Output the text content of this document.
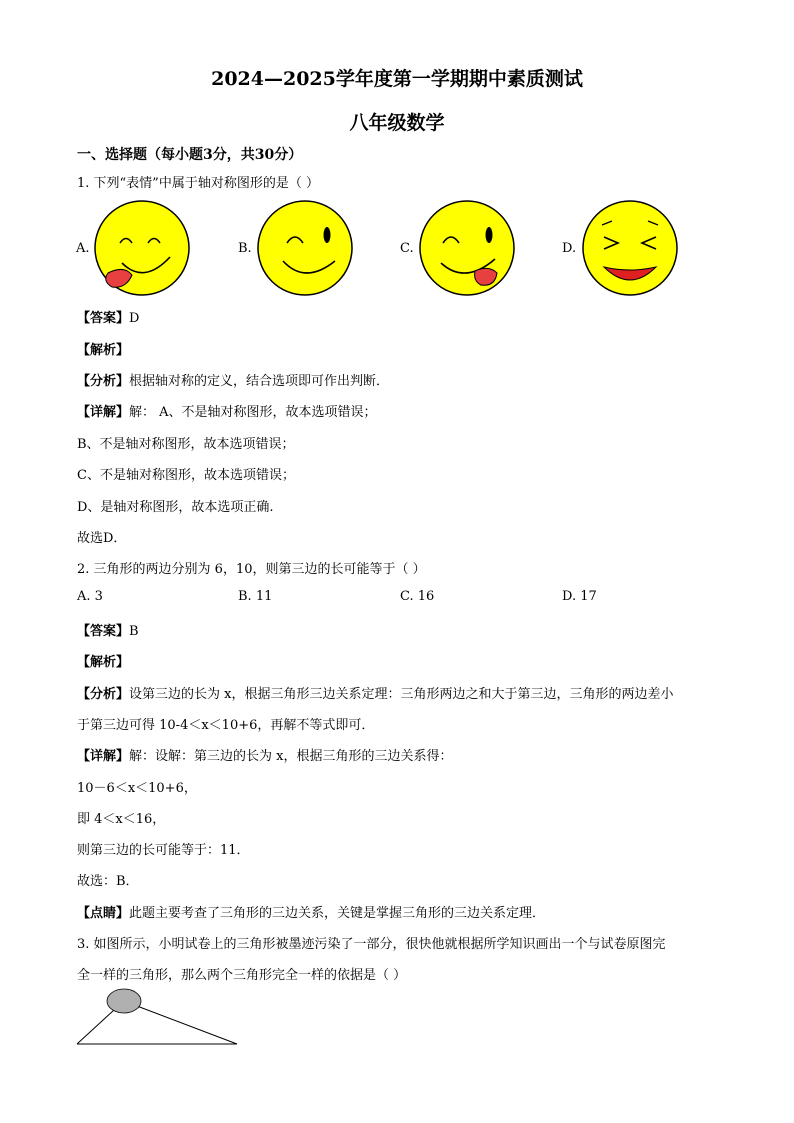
2024—2025学年度第一学期期中素质测试
八年级数学
一、选择题（每小题3分，共30分）
1. 下列“表情”中属于轴对称图形的是（ ）
A.	B.	C.	D.
【答案】D
【解析】
【分析】根据轴对称的定义，结合选项即可作出判断．
【详解】解： A、不是轴对称图形，故本选项错误；
B、不是轴对称图形，故本选项错误；
C、不是轴对称图形，故本选项错误；
D、是轴对称图形，故本选项正确.
故选D．
2. 三角形的两边分别为 6，10，则第三边的长可能等于（ ）
A. 3	B. 11	C. 16	D. 17
【答案】B
【解析】
【分析】设第三边的长为 x，根据三角形三边关系定理：三角形两边之和大于第三边，三角形的两边差小
于第三边可得 10-4＜x＜10+6，再解不等式即可．
【详解】解：设解：第三边的长为 x，根据三角形的三边关系得：
10－6＜x＜10+6，
即 4＜x＜16，
则第三边的长可能等于：11．
故选：B．
【点睛】此题主要考查了三角形的三边关系，关键是掌握三角形的三边关系定理．
3. 如图所示，小明试卷上的三角形被墨迹污染了一部分，很快他就根据所学知识画出一个与试卷原图完
全一样的三角形，那么两个三角形完全一样的依据是（ ）
